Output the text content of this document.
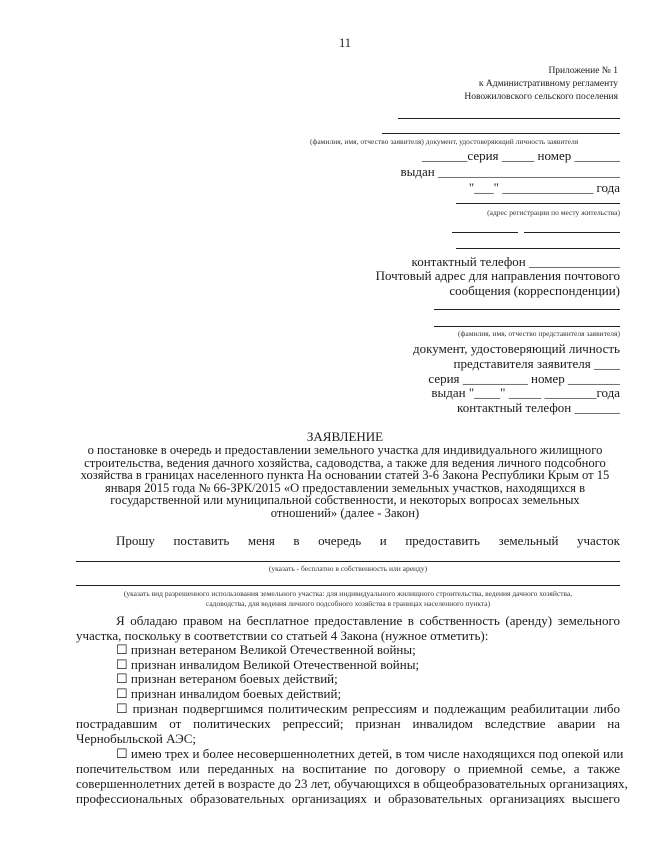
11
Приложение № 1
к Административному регламенту
Новожиловского сельского поселения
(фамилия, имя, отчество заявителя) документ, удостоверяющий личность заявителя
_______серия _____ номер _______
выдан ____________________________
"___" ______________ года
(адрес регистрации по месту жительства)
контактный телефон ______________
Почтовый адрес для направления почтового
сообщения (корреспонденции)
(фамилия, имя, отчество представителя заявителя)
документ, удостоверяющий личность
представителя заявителя ____
серия __________ номер ________
выдан "____" _____ ________года
контактный телефон _______
ЗАЯВЛЕНИЕ
о постановке в очередь и предоставлении земельного участка для индивидуального жилищного
строительства, ведения дачного хозяйства, садоводства, а также для ведения личного подсобного
хозяйства в границах населенного пункта На основании статей 3-6 Закона Республики Крым от 15
января 2015 года № 66-ЗРК/2015 «О предоставлении земельных участков, находящихся в
государственной или муниципальной собственности, и некоторых вопросах земельных
отношений» (далее - Закон)
Прошу поставить меня в очередь и предоставить земельный участок
(указать - бесплатно в собственность или аренду)
(указать вид разрешенного использования земельного участка: для индивидуального жилищного строительства, ведения дачного хозяйства,
садоводства, для ведения личного подсобного хозяйства в границах населенного пункта)
Я обладаю правом на бесплатное предоставление в собственность (аренду) земельного
участка, поскольку в соответствии со статьей 4 Закона (нужное отметить):
☐ признан ветераном Великой Отечественной войны;
☐ признан инвалидом Великой Отечественной войны;
☐ признан ветераном боевых действий;
☐ признан инвалидом боевых действий;
☐ признан подвергшимся политическим репрессиям и подлежащим реабилитации либо
пострадавшим от политических репрессий; признан инвалидом вследствие аварии на
Чернобыльской АЭС;
☐ имею трех и более несовершеннолетних детей, в том числе находящихся под опекой или
попечительством или переданных на воспитание по договору о приемной семье, а также
совершеннолетних детей в возрасте до 23 лет, обучающихся в общеобразовательных организациях,
профессиональных образовательных организациях и образовательных организациях высшего
